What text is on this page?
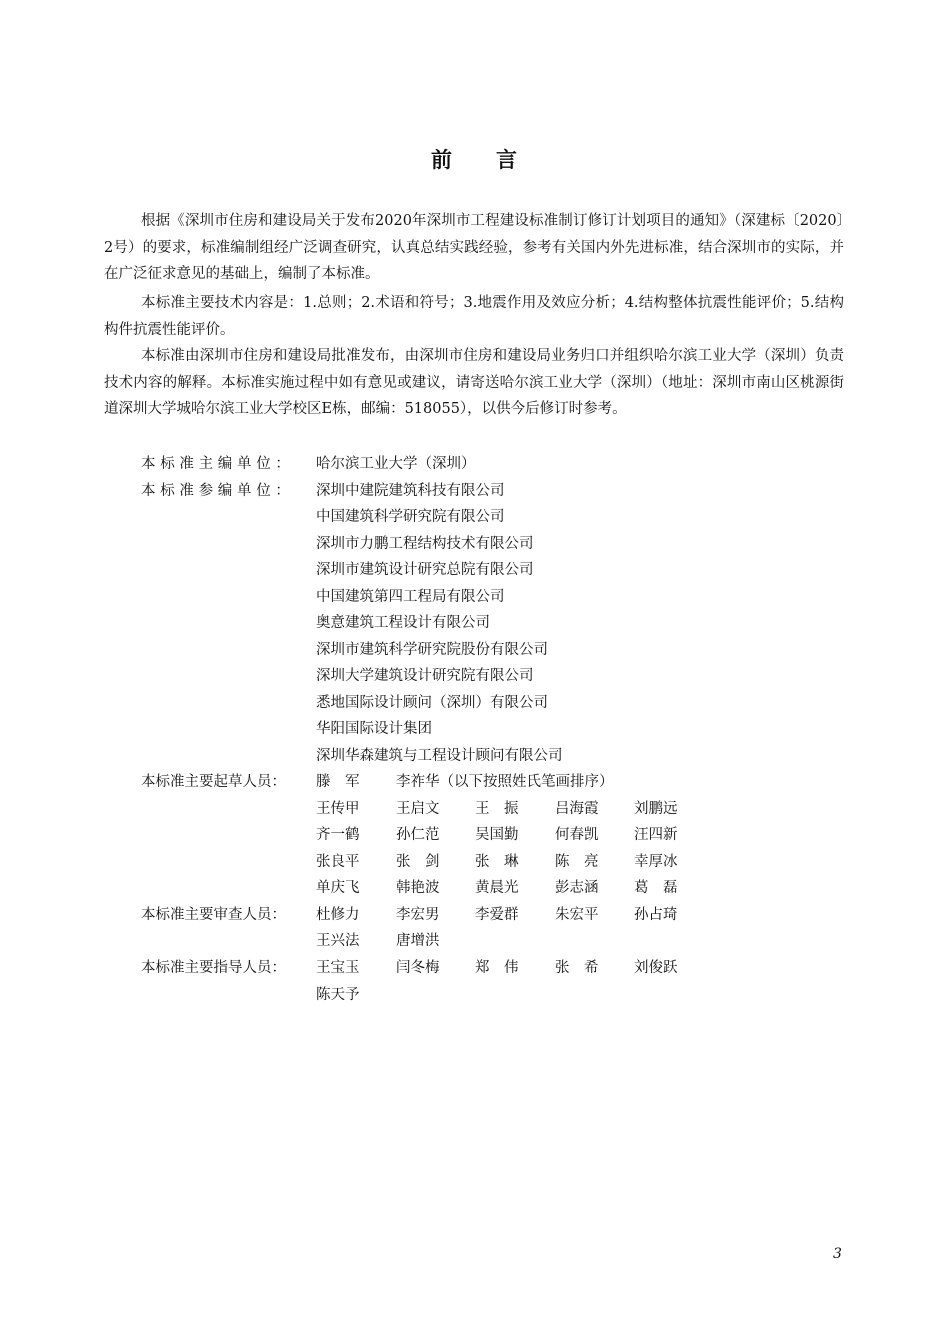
前 言
根据《深圳市住房和建设局关于发布2020年深圳市工程建设标准制订修订计划项目的通知》（深建标〔2020〕2号）的要求，标准编制组经广泛调查研究，认真总结实践经验，参考有关国内外先进标准，结合深圳市的实际，并在广泛征求意见的基础上，编制了本标准。
本标准主要技术内容是：1.总则；2.术语和符号；3.地震作用及效应分析；4.结构整体抗震性能评价；5.结构构件抗震性能评价。
本标准由深圳市住房和建设局批准发布，由深圳市住房和建设局业务归口并组织哈尔滨工业大学（深圳）负责技术内容的解释。本标准实施过程中如有意见或建议，请寄送哈尔滨工业大学（深圳）（地址：深圳市南山区桃源街道深圳大学城哈尔滨工业大学校区E栋，邮编：518055），以供今后修订时参考。
本标准主编单位： 哈尔滨工业大学（深圳）
本标准参编单位： 深圳中建院建筑科技有限公司
中国建筑科学研究院有限公司
深圳市力鹏工程结构技术有限公司
深圳市建筑设计研究总院有限公司
中国建筑第四工程局有限公司
奥意建筑工程设计有限公司
深圳市建筑科学研究院股份有限公司
深圳大学建筑设计研究院有限公司
悉地国际设计顾问（深圳）有限公司
华阳国际设计集团
深圳华森建筑与工程设计顾问有限公司
本标准主要起草人员： 滕　军	李祚华（以下按照姓氏笔画排序）
王传甲	王启文 王　振	吕海霞 刘鹏远
齐一鹤	孙仁范 吴国勤	何春凯 汪四新
张良平	张　剑 张　琳	陈　亮 幸厚冰
单庆飞	韩艳波 黄晨光	彭志涵 葛　磊
本标准主要审查人员： 杜修力	李宏男 李爱群	朱宏平 孙占琦
王兴法	唐增洪
本标准主要指导人员： 王宝玉	闫冬梅 郑　伟	张　希 刘俊跃
陈天予
3
